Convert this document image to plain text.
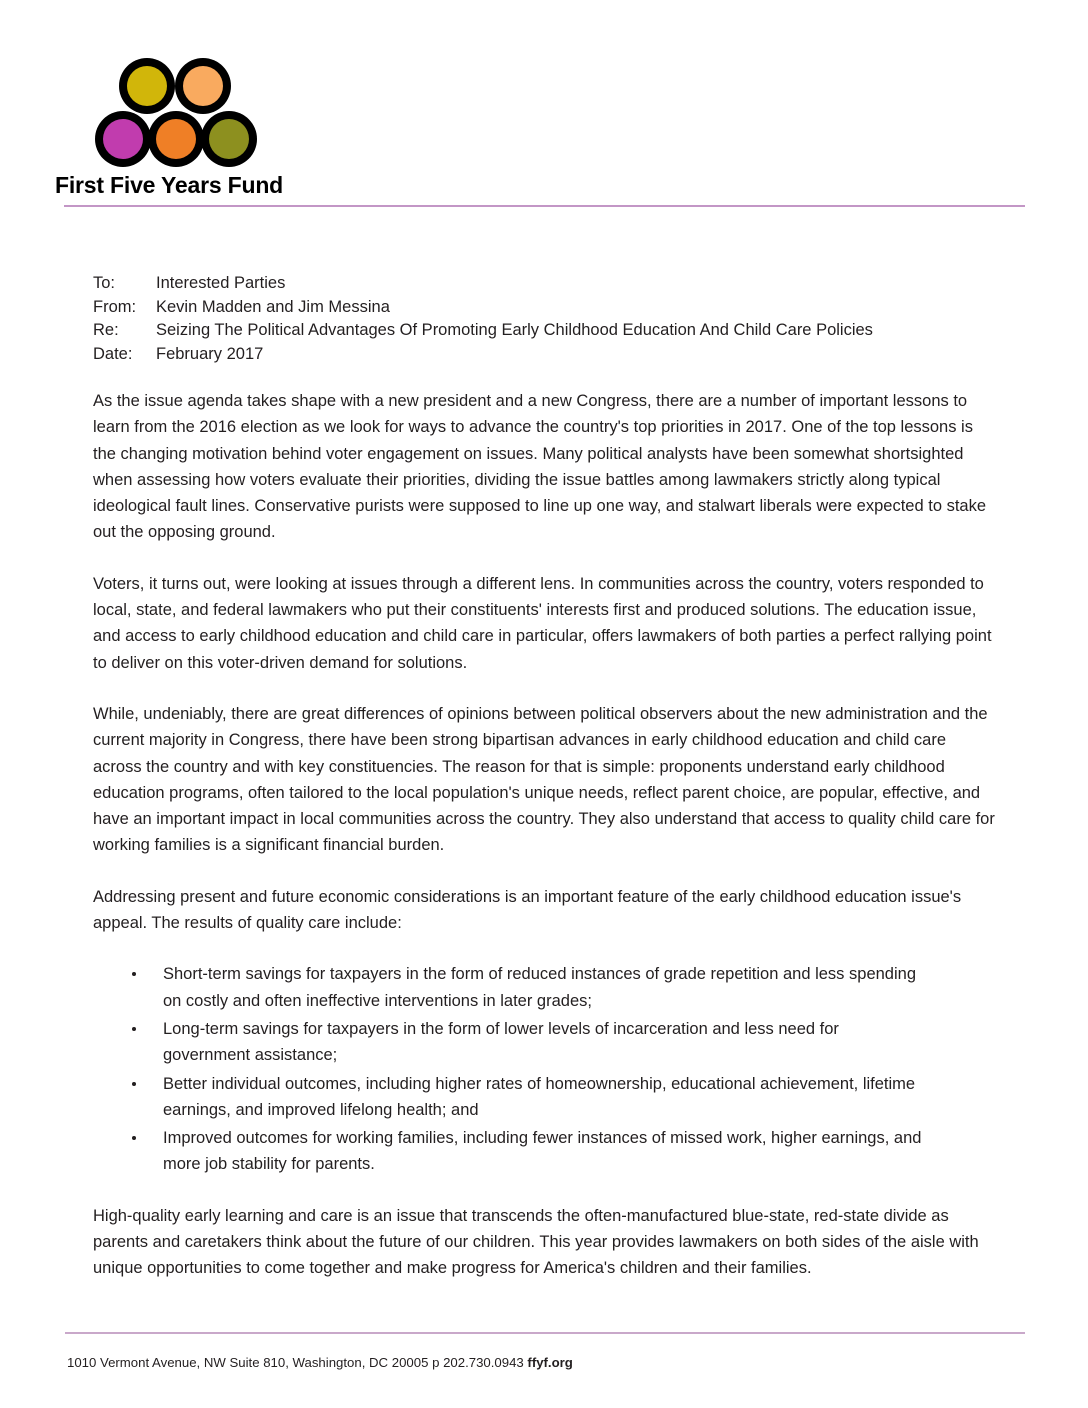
First Five Years Fund
To:	Interested Parties
From:	Kevin Madden and Jim Messina
Re:	Seizing The Political Advantages Of Promoting Early Childhood Education And Child Care Policies
Date:	February 2017

As the issue agenda takes shape with a new president and a new Congress, there are a number of important lessons to learn from the 2016 election as we look for ways to advance the country's top priorities in 2017. One of the top lessons is the changing motivation behind voter engagement on issues. Many political analysts have been somewhat shortsighted when assessing how voters evaluate their priorities, dividing the issue battles among lawmakers strictly along typical ideological fault lines. Conservative purists were supposed to line up one way, and stalwart liberals were expected to stake out the opposing ground.

Voters, it turns out, were looking at issues through a different lens. In communities across the country, voters responded to local, state, and federal lawmakers who put their constituents' interests first and produced solutions. The education issue, and access to early childhood education and child care in particular, offers lawmakers of both parties a perfect rallying point to deliver on this voter-driven demand for solutions.

While, undeniably, there are great differences of opinions between political observers about the new administration and the current majority in Congress, there have been strong bipartisan advances in early childhood education and child care across the country and with key constituencies. The reason for that is simple: proponents understand early childhood education programs, often tailored to the local population's unique needs, reflect parent choice, are popular, effective, and have an important impact in local communities across the country. They also understand that access to quality child care for working families is a significant financial burden.

Addressing present and future economic considerations is an important feature of the early childhood education issue's appeal. The results of quality care include:

Short-term savings for taxpayers in the form of reduced instances of grade repetition and less spending on costly and often ineffective interventions in later grades;
Long-term savings for taxpayers in the form of lower levels of incarceration and less need for government assistance;
Better individual outcomes, including higher rates of homeownership, educational achievement, lifetime earnings, and improved lifelong health; and
Improved outcomes for working families, including fewer instances of missed work, higher earnings, and more job stability for parents.

High-quality early learning and care is an issue that transcends the often-manufactured blue-state, red-state divide as parents and caretakers think about the future of our children. This year provides lawmakers on both sides of the aisle with unique opportunities to come together and make progress for America's children and their families.

1010 Vermont Avenue, NW Suite 810, Washington, DC 20005 p 202.730.0943 ffyf.org
